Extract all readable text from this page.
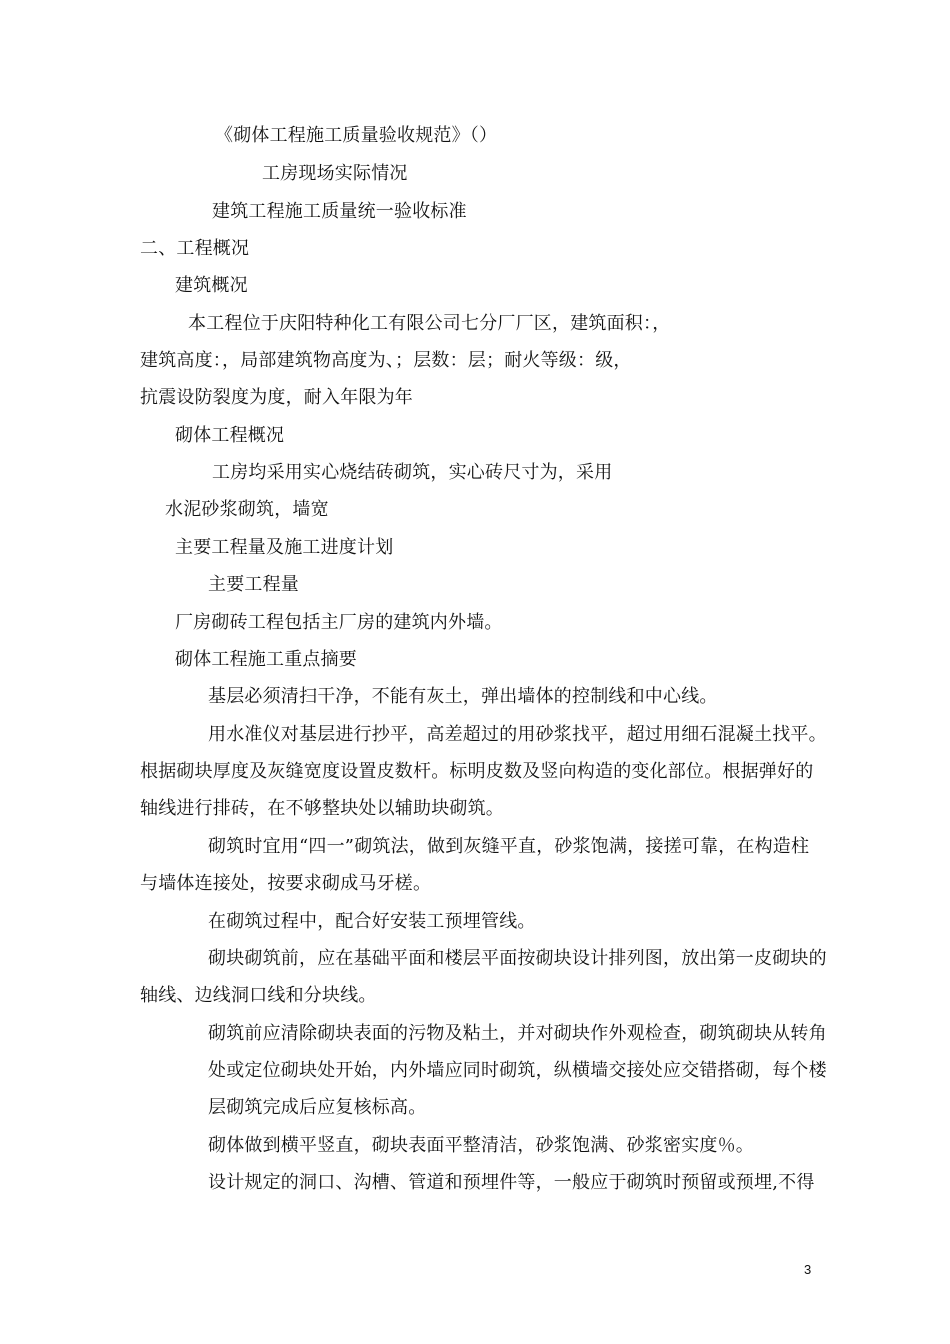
《砌体工程施工质量验收规范》（）
工房现场实际情况
建筑工程施工质量统一验收标准
二、工程概况
建筑概况
本工程位于庆阳特种化工有限公司七分厂厂区，建筑面积：，
建筑高度：，局部建筑物高度为、；层数：层；耐火等级：级，
抗震设防裂度为度，耐入年限为年
砌体工程概况
工房均采用实心烧结砖砌筑，实心砖尺寸为，采用
水泥砂浆砌筑，墙宽
主要工程量及施工进度计划
主要工程量
厂房砌砖工程包括主厂房的建筑内外墙。
砌体工程施工重点摘要
基层必须清扫干净，不能有灰土，弹出墙体的控制线和中心线。
用水准仪对基层进行抄平，高差超过的用砂浆找平，超过用细石混凝土找平。
根据砌块厚度及灰缝宽度设置皮数杆。标明皮数及竖向构造的变化部位。根据弹好的
轴线进行排砖，在不够整块处以辅助块砌筑。
砌筑时宜用“四一”砌筑法，做到灰缝平直，砂浆饱满，接搓可靠，在构造柱
与墙体连接处，按要求砌成马牙槎。
在砌筑过程中，配合好安装工预埋管线。
砌块砌筑前，应在基础平面和楼层平面按砌块设计排列图，放出第一皮砌块的
轴线、边线洞口线和分块线。
砌筑前应清除砌块表面的污物及粘土，并对砌块作外观检查，砌筑砌块从转角
处或定位砌块处开始，内外墙应同时砌筑，纵横墙交接处应交错搭砌，每个楼
层砌筑完成后应复核标高。
砌体做到横平竖直，砌块表面平整清洁，砂浆饱满、砂浆密实度％。
设计规定的洞口、沟槽、管道和预埋件等，一般应于砌筑时预留或预埋,不得
3
